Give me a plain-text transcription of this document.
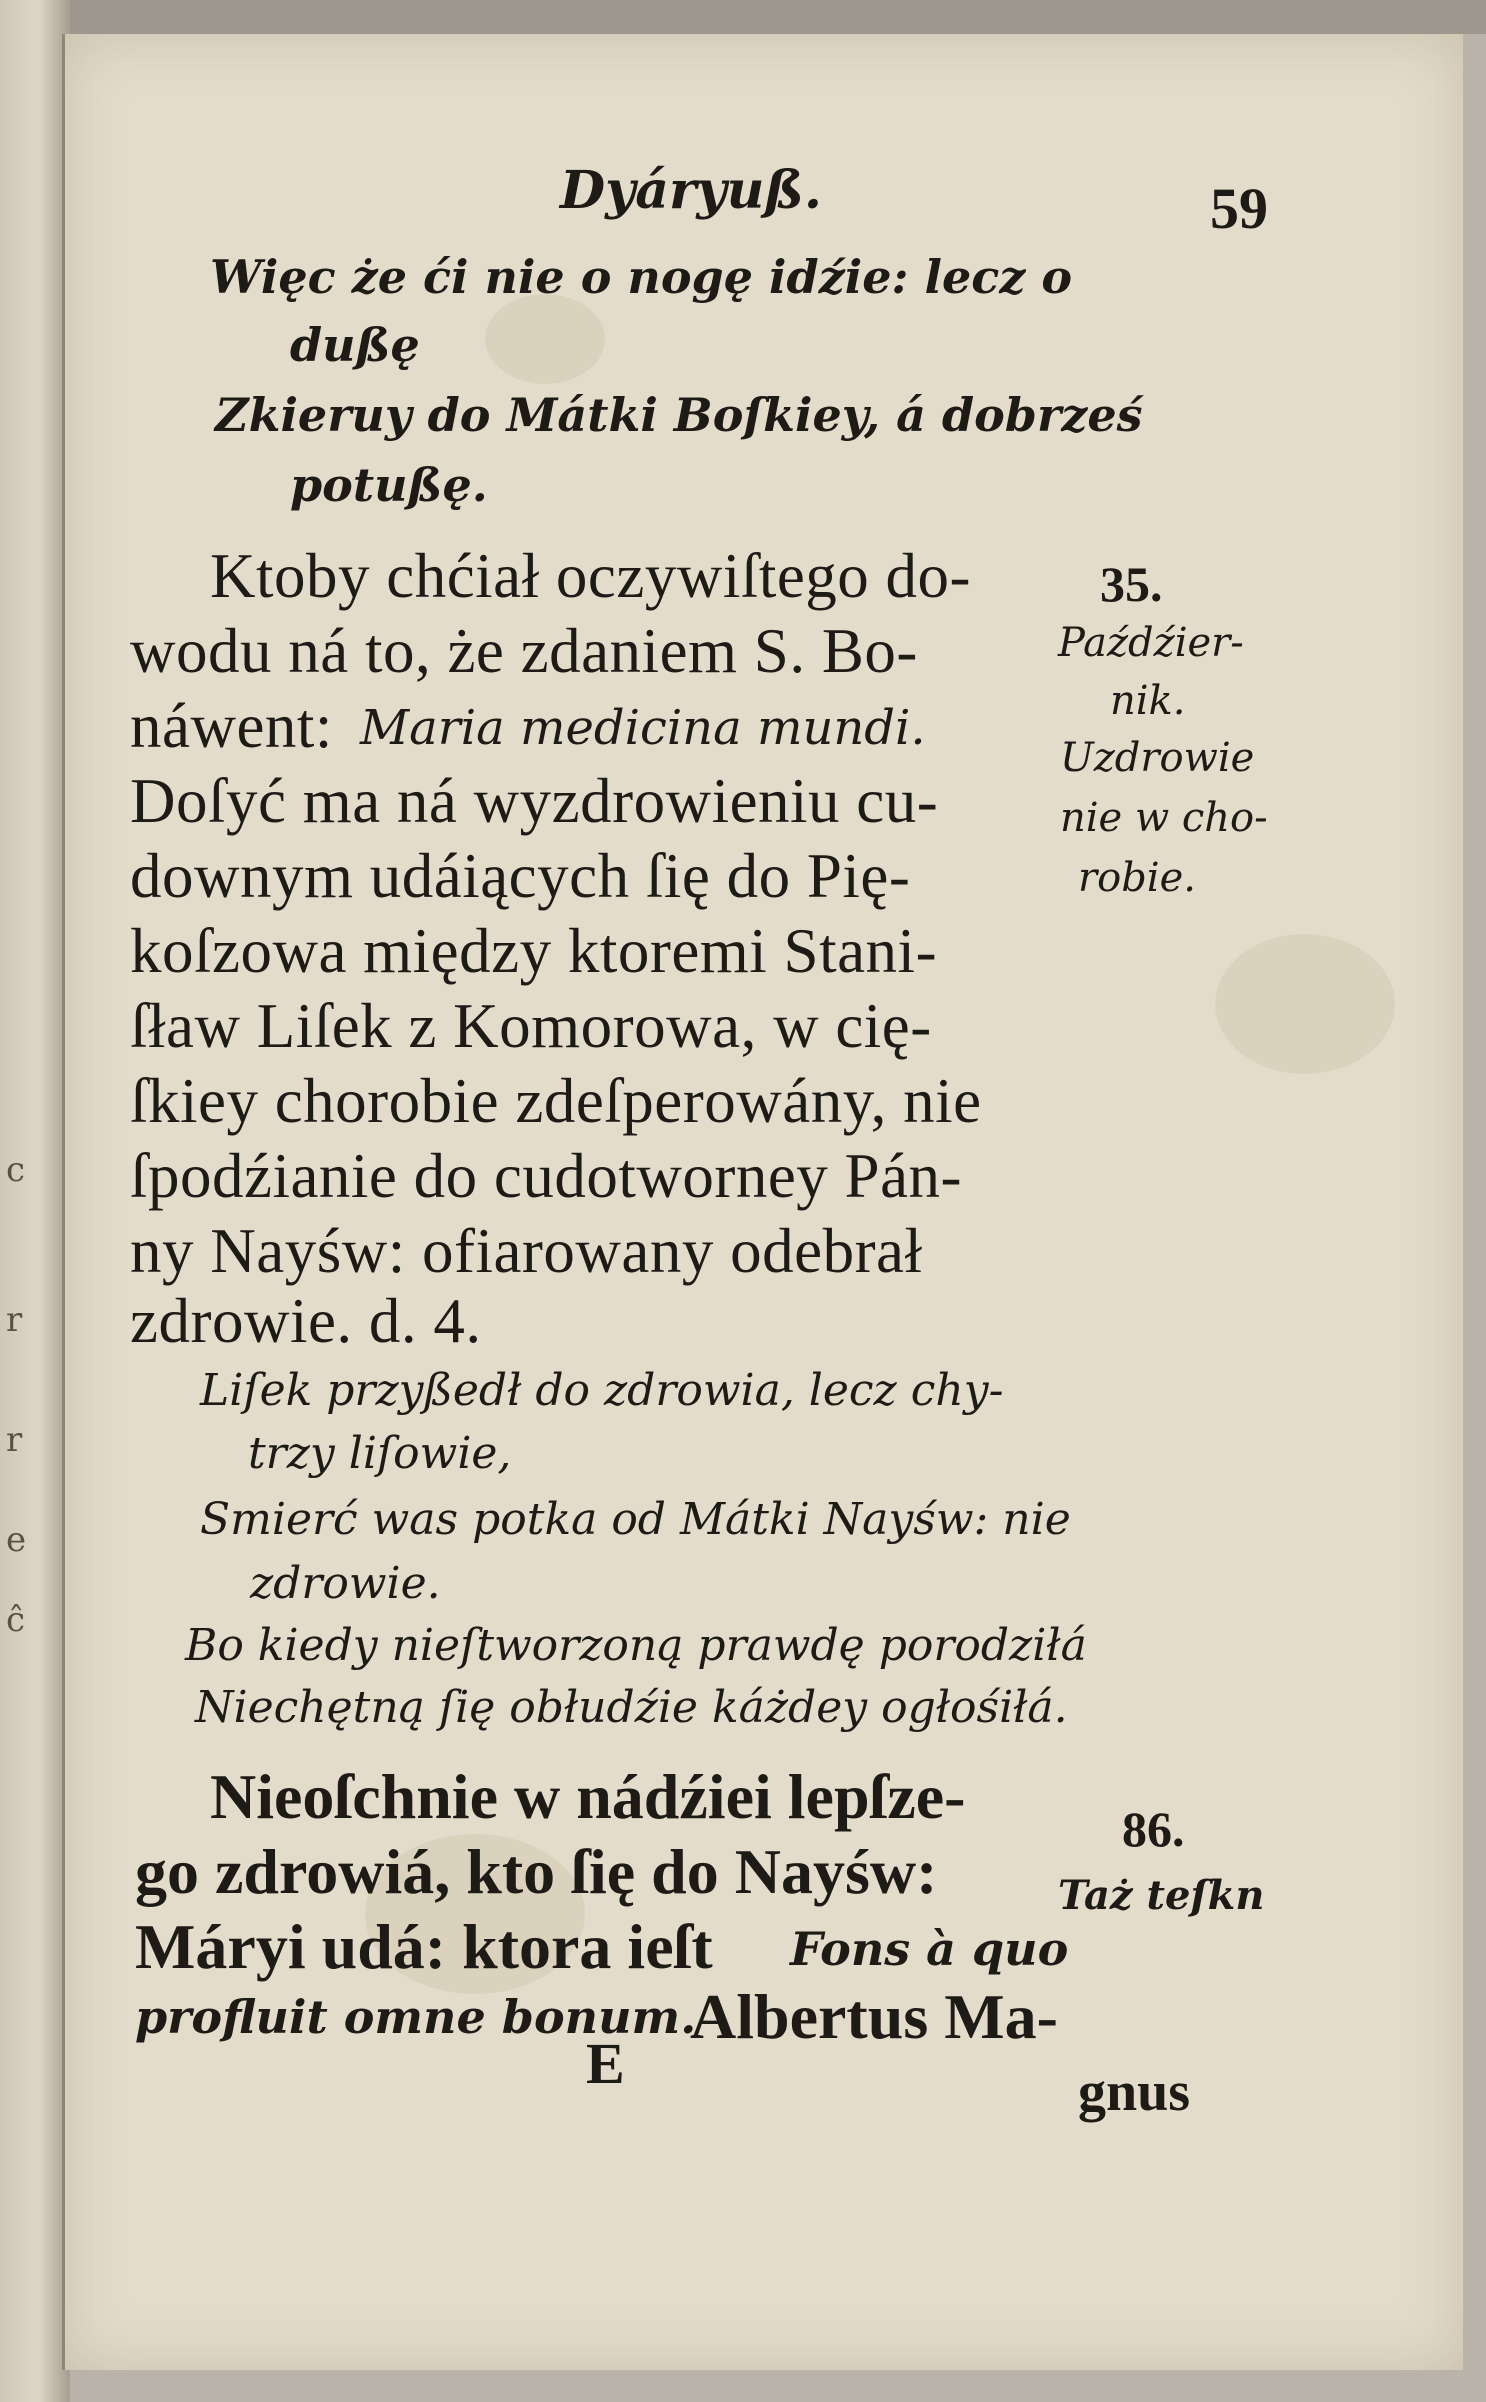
c
r
r
e
ĉ
Dyáryuß.	59
Więc że ći nie o nogę idźie: lecz o
dußę
Zkieruy do Mátki Boſkiey, á dobrześ
potußę.
Ktoby chćiał oczywiſtego do-
wodu ná to, że zdaniem S. Bo-
náwent: Maria medicina mundi.
Doſyć ma ná wyzdrowieniu cu-
downym udáiących ſię do Pię-
koſzowa między ktoremi Stani-
ſław Liſek z Komorowa, w cię-
ſkiey chorobie zdeſperowány, nie
ſpodźianie do cudotworney Pán-
ny Nayśw: ofiarowany odebrał
zdrowie. d. 4.
Liſek przyßedł do zdrowia, lecz chy-
trzy liſowie,
Smierć was potka od Mátki Nayśw: nie
zdrowie.
Bo kiedy nieſtworzoną prawdę porodziłá
Niechętną ſię obłudźie káżdey ogłośiłá.
Nieoſchnie w nádźiei lepſze-
go zdrowiá, kto ſię do Nayśw:
Máryi udá: ktora ieſt Fons à quo
profluit omne bonum.
Albertus Ma-
35.
Paźdźier-
nik.
Uzdrowie
nie w cho-
robie.
86.
Taż teſkn
E	gnus
